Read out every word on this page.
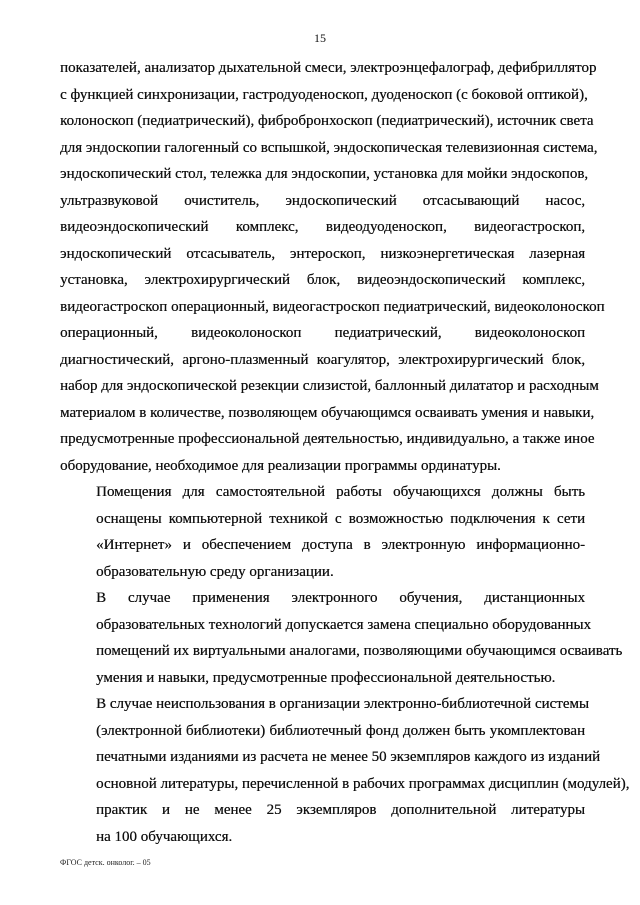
15

показателей, анализатор дыхательной смеси, электроэнцефалограф, дефибриллятор
с функцией синхронизации, гастродуоденоскоп, дуоденоскоп (с боковой оптикой),
колоноскоп (педиатрический), фибробронхоскоп (педиатрический), источник света
для эндоскопии галогенный со вспышкой, эндоскопическая телевизионная система,
эндоскопический стол, тележка для эндоскопии, установка для мойки эндоскопов,
ультразвуковой очиститель, эндоскопический отсасывающий насос,
видеоэндоскопический комплекс, видеодуоденоскоп, видеогастроскоп,
эндоскопический отсасыватель, энтероскоп, низкоэнергетическая лазерная
установка, электрохирургический блок, видеоэндоскопический комплекс,
видеогастроскоп операционный, видеогастроскоп педиатрический, видеоколоноскоп
операционный, видеоколоноскоп педиатрический, видеоколоноскоп
диагностический, аргоно-плазменный коагулятор, электрохирургический блок,
набор для эндоскопической резекции слизистой, баллонный дилататор и расходным
материалом в количестве, позволяющем обучающимся осваивать умения и навыки,
предусмотренные профессиональной деятельностью, индивидуально, а также иное
оборудование, необходимое для реализации программы ординатуры.

Помещения для самостоятельной работы обучающихся должны быть
оснащены компьютерной техникой с возможностью подключения к сети
«Интернет» и обеспечением доступа в электронную информационно-
образовательную среду организации.

В случае применения электронного обучения, дистанционных
образовательных технологий допускается замена специально оборудованных
помещений их виртуальными аналогами, позволяющими обучающимся осваивать
умения и навыки, предусмотренные профессиональной деятельностью.

В случае неиспользования в организации электронно-библиотечной системы
(электронной библиотеки) библиотечный фонд должен быть укомплектован
печатными изданиями из расчета не менее 50 экземпляров каждого из изданий
основной литературы, перечисленной в рабочих программах дисциплин (модулей),
практик и не менее 25 экземпляров дополнительной литературы
на 100 обучающихся.

ФГОС детск. онколог. – 05
